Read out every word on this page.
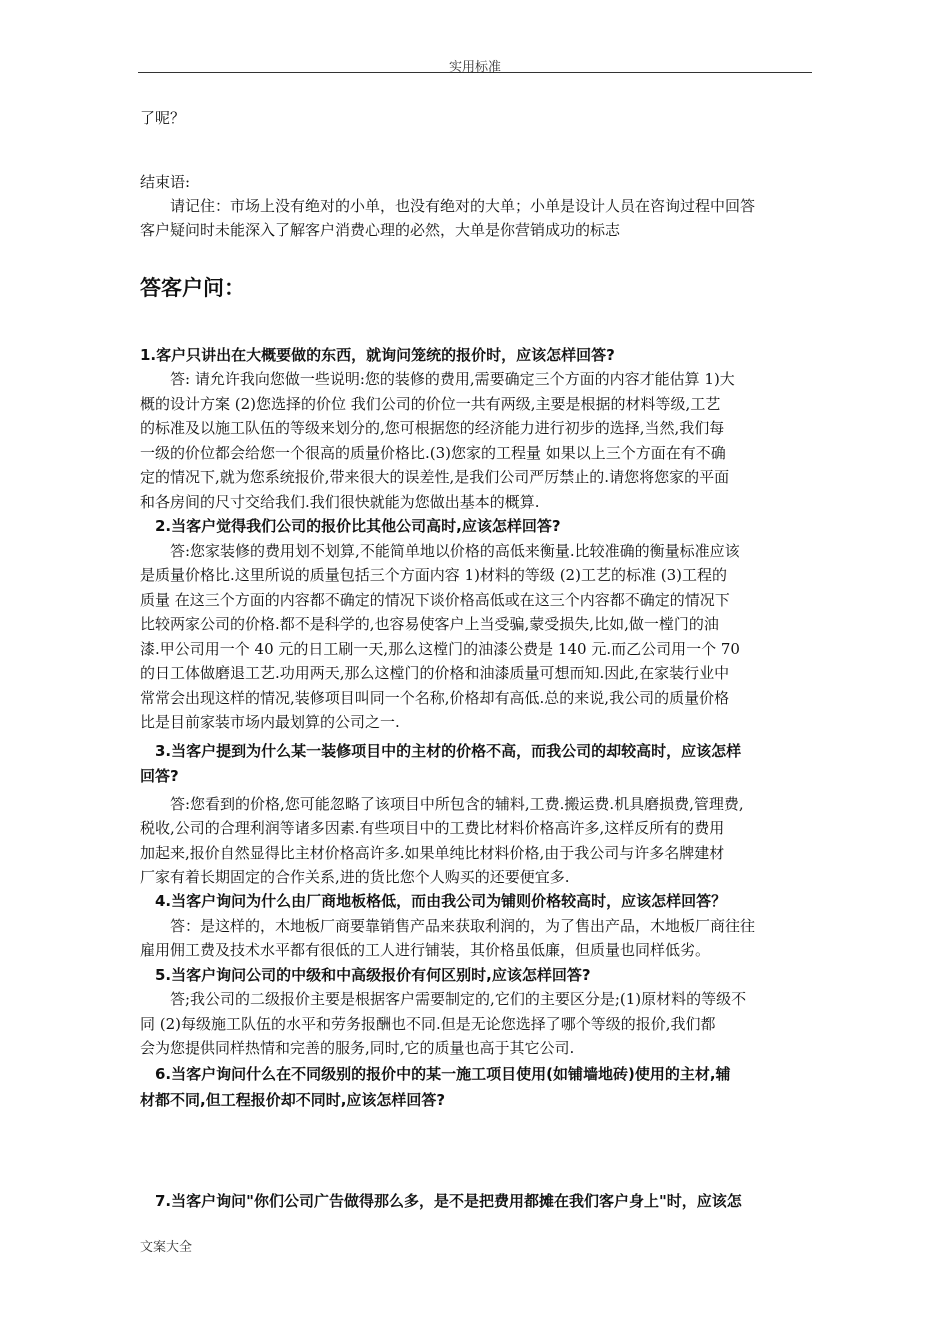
实用标准

了呢？

结束语:

请记住：市场上没有绝对的小单，也没有绝对的大单；小单是设计人员在咨询过程中回答

客户疑问时未能深入了解客户消费心理的必然，大单是你营销成功的标志

答客户问：

1.客户只讲出在大概要做的东西，就询问笼统的报价时，应该怎样回答?

答: 请允许我向您做一些说明:您的装修的费用,需要确定三个方面的内容才能估算 1)大

概的设计方案 (2)您选择的价位 我们公司的价位一共有两级,主要是根据的材料等级,工艺

的标准及以施工队伍的等级来划分的,您可根据您的经济能力进行初步的选择,当然,我们每

一级的价位都会给您一个很高的质量价格比.(3)您家的工程量 如果以上三个方面在有不确

定的情况下,就为您系统报价,带来很大的误差性,是我们公司严厉禁止的.请您将您家的平面

和各房间的尺寸交给我们.我们很快就能为您做出基本的概算.

2.当客户觉得我们公司的报价比其他公司高时,应该怎样回答?

答:您家装修的费用划不划算,不能简单地以价格的高低来衡量.比较准确的衡量标准应该

是质量价格比.这里所说的质量包括三个方面内容 1)材料的等级 (2)工艺的标准 (3)工程的

质量 在这三个方面的内容都不确定的情况下谈价格高低或在这三个内容都不确定的情况下

比较两家公司的价格.都不是科学的,也容易使客户上当受骗,蒙受损失,比如,做一樘门的油

漆.甲公司用一个 40 元的日工刷一天,那么这樘门的油漆公费是 140 元.而乙公司用一个 70

的日工体做磨退工艺.功用两天,那么这樘门的价格和油漆质量可想而知.因此,在家装行业中

常常会出现这样的情况,装修项目叫同一个名称,价格却有高低.总的来说,我公司的质量价格

比是目前家装市场内最划算的公司之一.

3.当客户提到为什么某一装修项目中的主材的价格不高，而我公司的却较高时，应该怎样

回答?

答:您看到的价格,您可能忽略了该项目中所包含的辅料,工费.搬运费.机具磨损费,管理费,

税收,公司的合理利润等诸多因素.有些项目中的工费比材料价格高许多,这样反所有的费用

加起来,报价自然显得比主材价格高许多.如果单纯比材料价格,由于我公司与许多名牌建材

厂家有着长期固定的合作关系,进的货比您个人购买的还要便宜多.

4.当客户询问为什么由厂商地板格低，而由我公司为铺则价格较高时，应该怎样回答？

答：是这样的，木地板厂商要靠销售产品来获取利润的，为了售出产品，木地板厂商往往

雇用佣工费及技术水平都有很低的工人进行铺装，其价格虽低廉，但质量也同样低劣。

5.当客户询问公司的中级和中高级报价有何区别时,应该怎样回答?

答;我公司的二级报价主要是根据客户需要制定的,它们的主要区分是;(1)原材料的等级不

同 (2)每级施工队伍的水平和劳务报酬也不同.但是无论您选择了哪个等级的报价,我们都

会为您提供同样热情和完善的服务,同时,它的质量也高于其它公司.

6.当客户询问什么在不同级别的报价中的某一施工项目使用(如铺墙地砖)使用的主材,辅

材都不同,但工程报价却不同时,应该怎样回答?

7.当客户询问"你们公司广告做得那么多，是不是把费用都摊在我们客户身上"时，应该怎

文案大全
